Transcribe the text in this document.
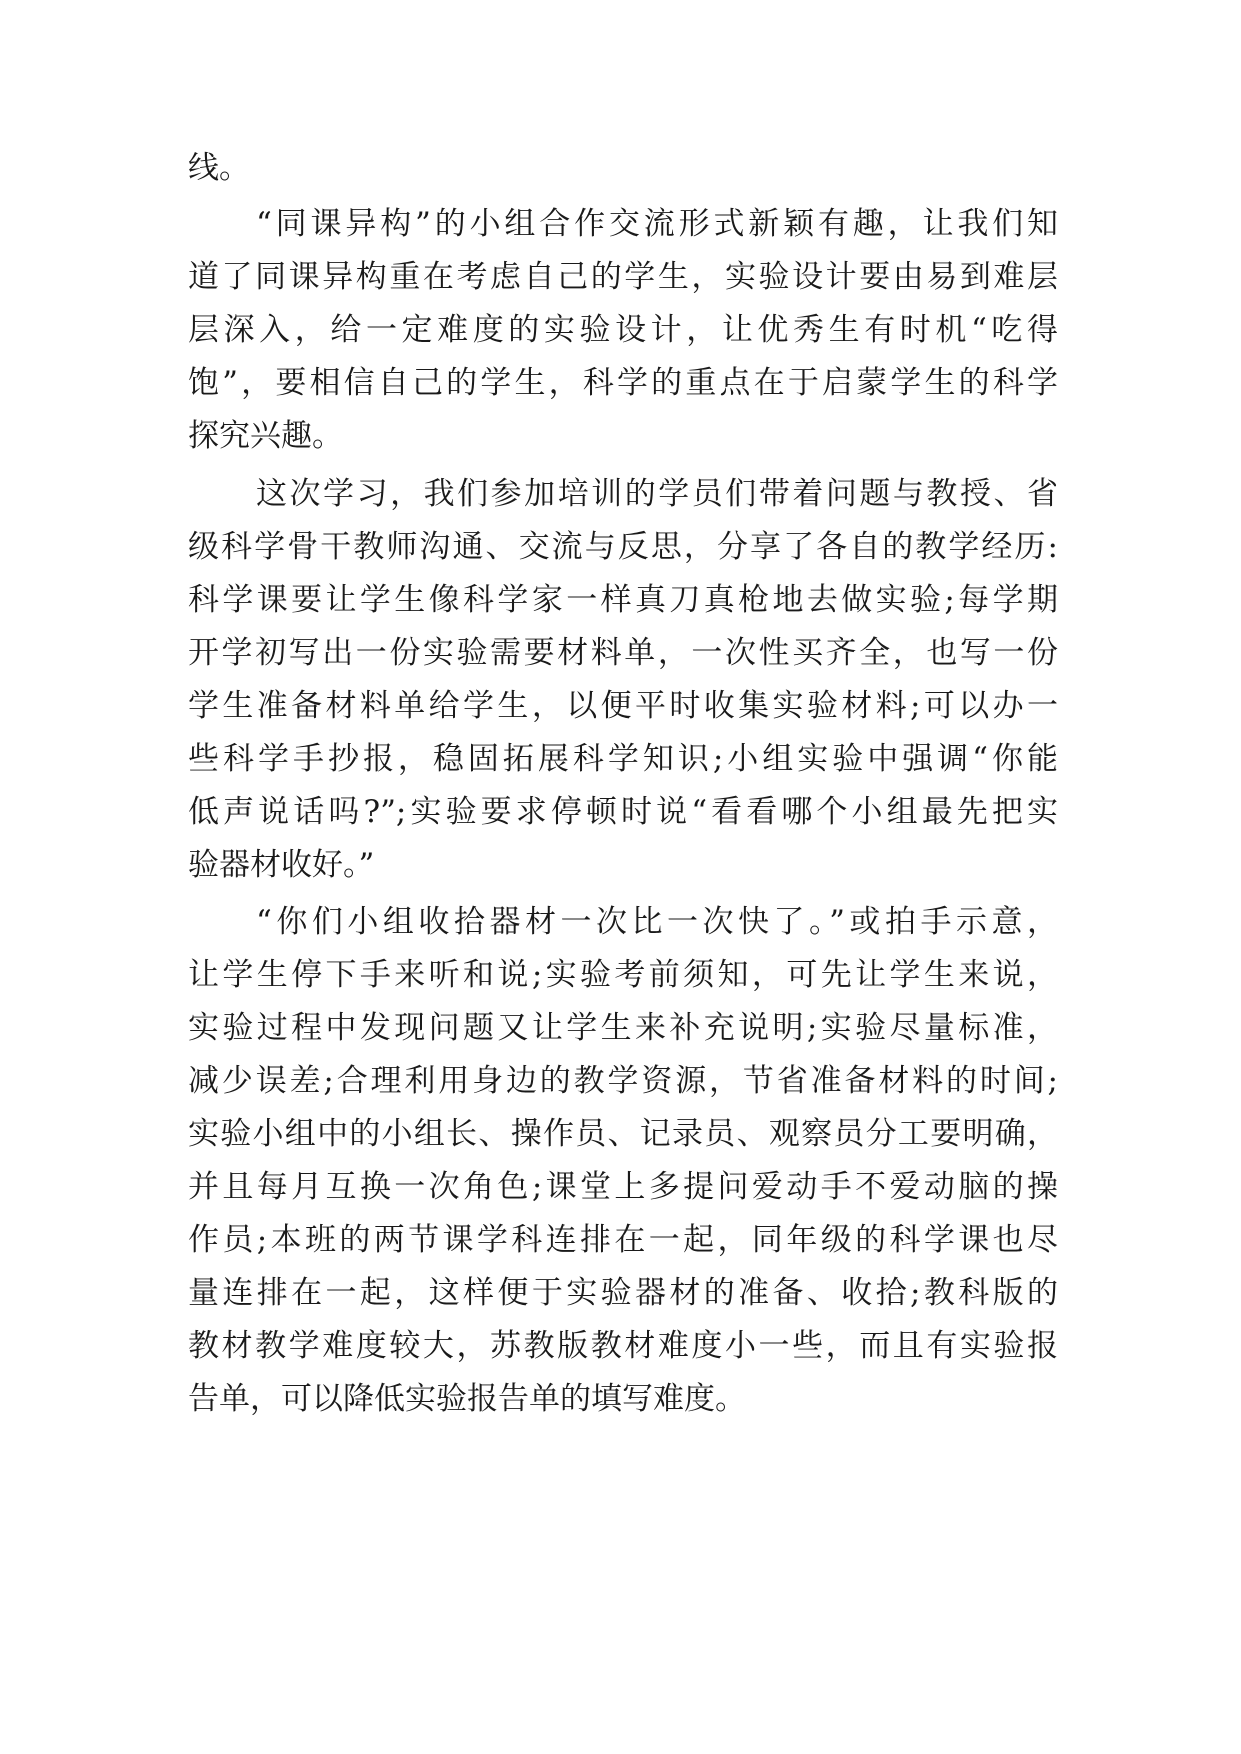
线。
“同课异构”的小组合作交流形式新颖有趣，让我们知
道了同课异构重在考虑自己的学生，实验设计要由易到难层
层深入，给一定难度的实验设计，让优秀生有时机“吃得
饱”，要相信自己的学生，科学的重点在于启蒙学生的科学
探究兴趣。
这次学习，我们参加培训的学员们带着问题与教授、省
级科学骨干教师沟通、交流与反思，分享了各自的教学经历:
科学课要让学生像科学家一样真刀真枪地去做实验;每学期
开学初写出一份实验需要材料单，一次性买齐全，也写一份
学生准备材料单给学生，以便平时收集实验材料;可以办一
些科学手抄报，稳固拓展科学知识;小组实验中强调“你能
低声说话吗?”;实验要求停顿时说“看看哪个小组最先把实
验器材收好。”
“你们小组收拾器材一次比一次快了。”或拍手示意，
让学生停下手来听和说;实验考前须知，可先让学生来说，
实验过程中发现问题又让学生来补充说明;实验尽量标准，
减少误差;合理利用身边的教学资源，节省准备材料的时间;
实验小组中的小组长、操作员、记录员、观察员分工要明确，
并且每月互换一次角色;课堂上多提问爱动手不爱动脑的操
作员;本班的两节课学科连排在一起，同年级的科学课也尽
量连排在一起，这样便于实验器材的准备、收拾;教科版的
教材教学难度较大，苏教版教材难度小一些，而且有实验报
告单，可以降低实验报告单的填写难度。
